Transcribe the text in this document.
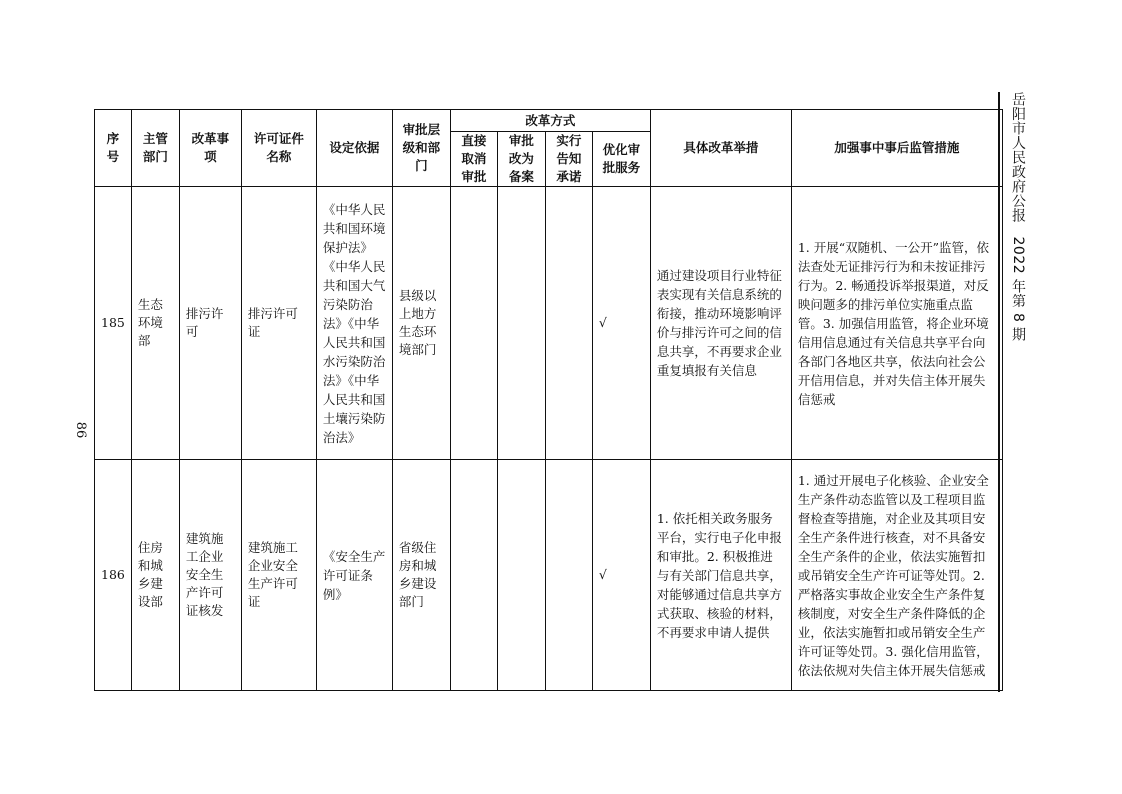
86
岳阳市人民政府公报2022 年第 8 期
序号	主管部门	改革事项	许可证件名称	设定依据	审批层级和部门	改革方式				具体改革举措	加强事中事后监管措施
						直接取消审批	审批改为备案	实行告知承诺	优化审批服务		
185	生态环境部	排污许可	排污许可证	《中华人民共和国环境保护法》《中华人民共和国大气污染防治法》《中华人民共和国水污染防治法》《中华人民共和国土壤污染防治法》	县级以上地方生态环境部门				√	通过建设项目行业特征表实现有关信息系统的衔接，推动环境影响评价与排污许可之间的信息共享，不再要求企业重复填报有关信息	1. 开展“双随机、一公开”监管，依法查处无证排污行为和未按证排污行为。2. 畅通投诉举报渠道，对反映问题多的排污单位实施重点监管。3. 加强信用监管，将企业环境信用信息通过有关信息共享平台向各部门各地区共享，依法向社会公开信用信息，并对失信主体开展失信惩戒
186	住房和城乡建设部	建筑施工企业安全生产许可证核发	建筑施工企业安全生产许可证	《安全生产许可证条例》	省级住房和城乡建设部门				√	1. 依托相关政务服务平台，实行电子化申报和审批。2. 积极推进与有关部门信息共享，对能够通过信息共享方式获取、核验的材料，不再要求申请人提供	1. 通过开展电子化核验、企业安全生产条件动态监管以及工程项目监督检查等措施，对企业及其项目安全生产条件进行核查，对不具备安全生产条件的企业，依法实施暂扣或吊销安全生产许可证等处罚。2. 严格落实事故企业安全生产条件复核制度，对安全生产条件降低的企业，依法实施暂扣或吊销安全生产许可证等处罚。3. 强化信用监管，依法依规对失信主体开展失信惩戒
